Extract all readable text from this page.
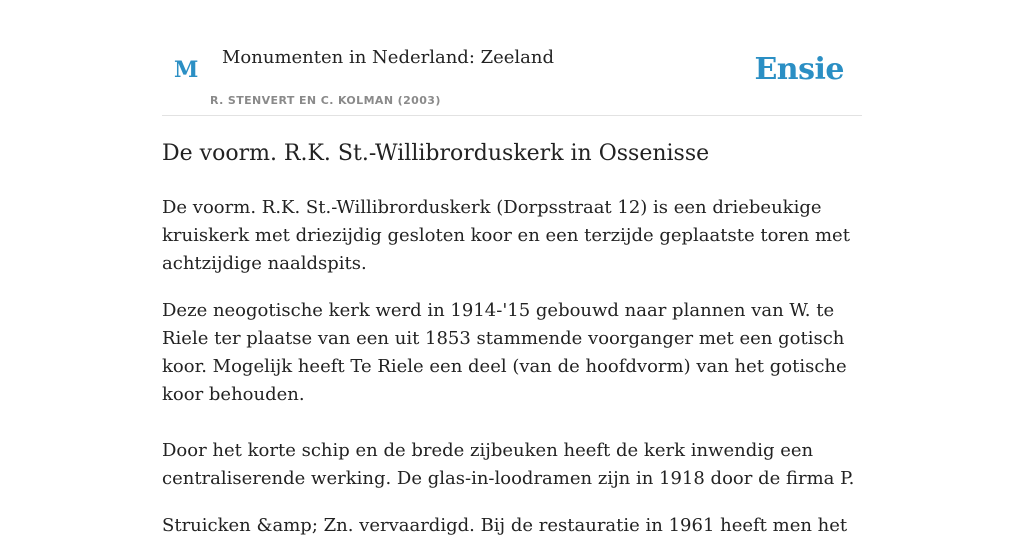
M Monumenten in Nederland: Zeeland
R. STENVERT EN C. KOLMAN (2003)
Ensie
De voorm. R.K. St.-Willibrorduskerk in Ossenisse

De voorm. R.K. St.-Willibrorduskerk (Dorpsstraat 12) is een driebeukige kruiskerk met driezijdig gesloten koor en een terzijde geplaatste toren met achtzijdige naaldspits.

Deze neogotische kerk werd in 1914-'15 gebouwd naar plannen van W. te Riele ter plaatse van een uit 1853 stammende voorganger met een gotisch koor. Mogelijk heeft Te Riele een deel (van de hoofdvorm) van het gotische koor behouden.

Door het korte schip en de brede zijbeuken heeft de kerk inwendig een centraliserende werking. De glas-in-loodramen zijn in 1918 door de firma P.

Struicken &amp; Zn. vervaardigd. Bij de restauratie in 1961 heeft men het
